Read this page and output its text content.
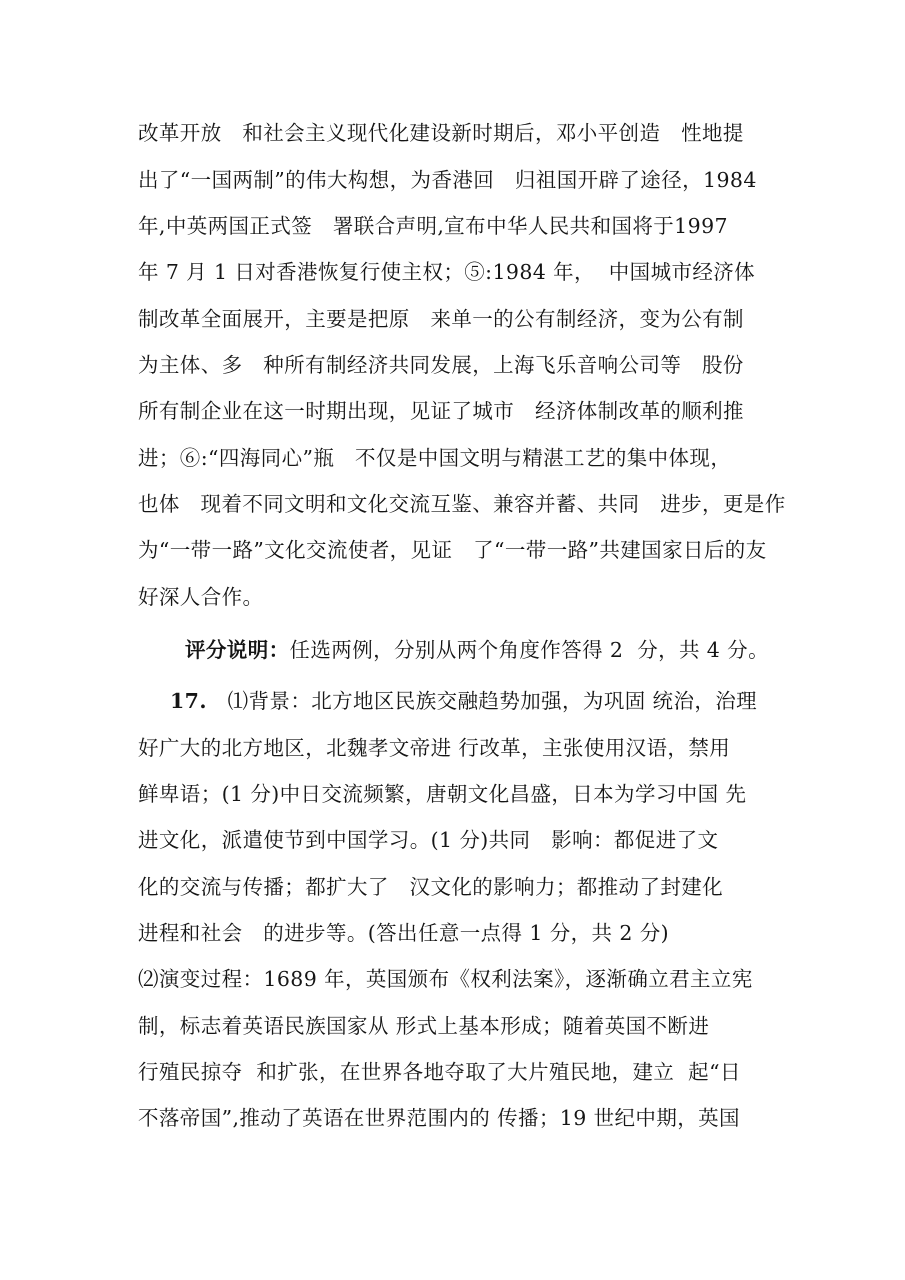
改革开放   和社会主义现代化建设新时期后，邓小平创造   性地提
出了“一国两制”的伟大构想，为香港回   归祖国开辟了途径，1984
年,中英两国正式签   署联合声明,宣布中华人民共和国将于1997
年 7 月 1 日对香港恢复行使主权；⑤:1984 年，  中国城市经济体
制改革全面展开，主要是把原   来单一的公有制经济，变为公有制
为主体、多   种所有制经济共同发展，上海飞乐音响公司等   股份
所有制企业在这一时期出现，见证了城市   经济体制改革的顺利推
进；⑥:“四海同心”瓶   不仅是中国文明与精湛工艺的集中体现，
也体   现着不同文明和文化交流互鉴、兼容并蓄、共同   进步，更是作
为“一带一路”文化交流使者，见证   了“一带一路”共建国家日后的友
好深人合作。
评分说明：任选两例，分别从两个角度作答得 2  分，共 4 分。
17.   ⑴背景：北方地区民族交融趋势加强，为巩固 统治，治理
好广大的北方地区，北魏孝文帝进 行改革，主张使用汉语，禁用
鲜卑语；(1 分)中日交流频繁，唐朝文化昌盛，日本为学习中国 先
进文化，派遣使节到中国学习。(1 分)共同   影响：都促进了文
化的交流与传播；都扩大了   汉文化的影响力；都推动了封建化
进程和社会   的进步等。(答出任意一点得 1 分，共 2 分)
⑵演变过程：1689 年，英国颁布《权利法案》，逐渐确立君主立宪
制，标志着英语民族国家从 形式上基本形成；随着英国不断进
行殖民掠夺  和扩张，在世界各地夺取了大片殖民地，建立  起“日
不落帝国”,推动了英语在世界范围内的 传播；19 世纪中期，英国
